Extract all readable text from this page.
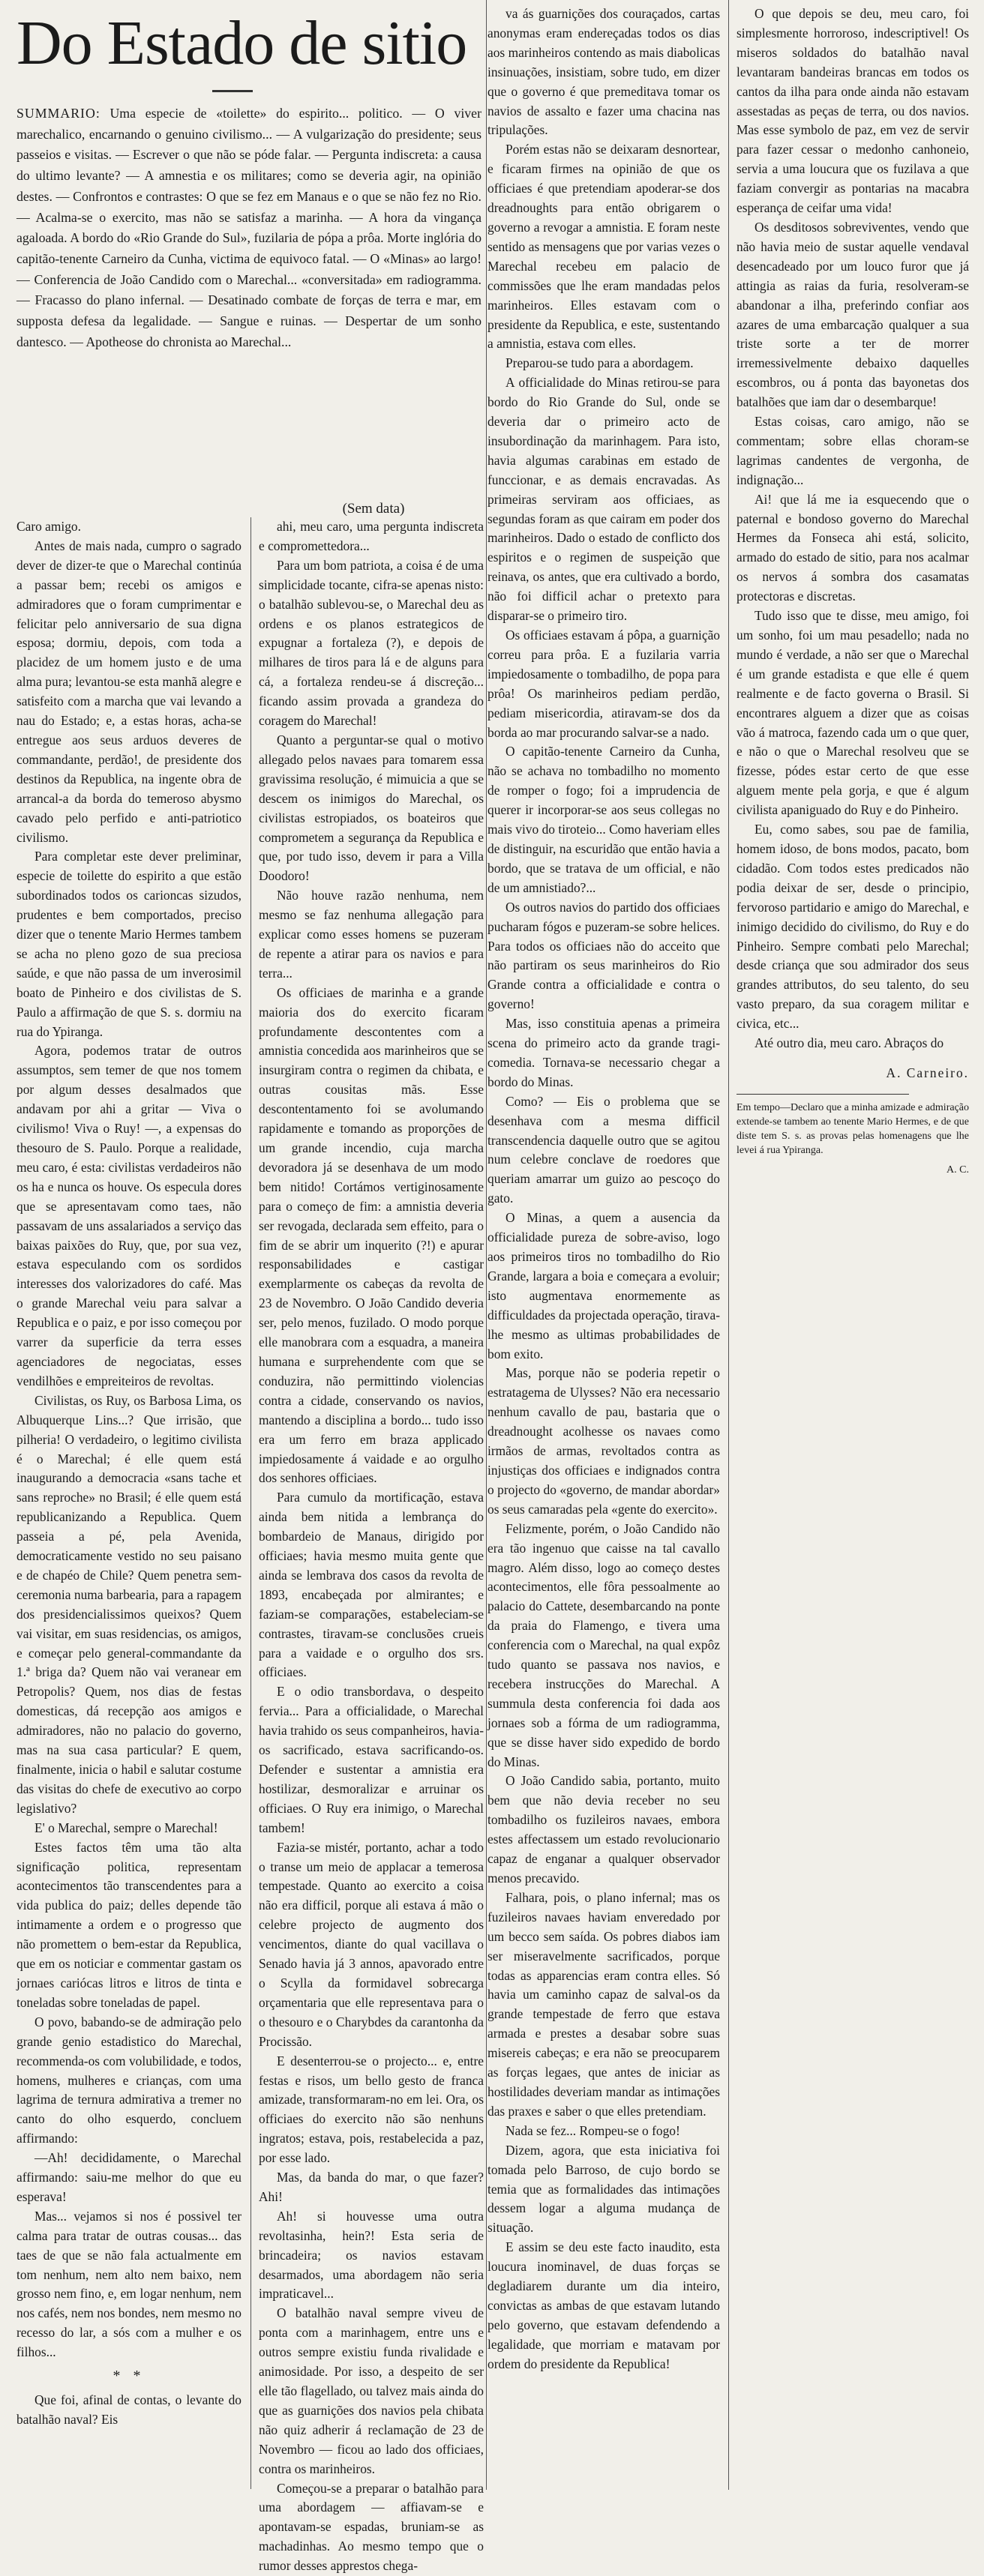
Do Estado de sitio
SUMMARIO: Uma especie de «toilette» do espirito... politico. — O viver marechalico, encarnando o genuino civilismo... — A vulgarização do presidente; seus passeios e visitas. — Escrever o que não se póde falar. — Pergunta indiscreta: a causa do ultimo levante? — A amnestia e os militares; como se deveria agir, na opinião destes. — Confrontos e contrastes: O que se fez em Manaus e o que se não fez no Rio. — Acalma-se o exercito, mas não se satisfaz a marinha. — A hora da vingança agaloada. A bordo do «Rio Grande do Sul», fuzilaria de pópa a prôa. Morte inglória do capitão-tenente Carneiro da Cunha, victima de equivoco fatal. — O «Minas» ao largo! — Conferencia de João Candido com o Marechal... «conversitada» em radiogramma. — Fracasso do plano infernal. — Desatinado combate de forças de terra e mar, em supposta defesa da legalidade. — Sangue e ruinas. — Despertar de um sonho dantesco. — Apotheose do chronista ao Marechal...
(Sem data)

Caro amigo.

Antes de mais nada, cumpro o sagrado dever de dizer-te que o Marechal continúa a passar bem; recebi os amigos e admiradores que o foram cumprimentar e felicitar pelo anniversario de sua digna esposa; dormiu, depois, com toda a placidez de um homem justo e de uma alma pura; levantou-se esta manhã alegre e satisfeito com a marcha que vai levando a nau do Estado; e, a estas horas, acha-se entregue aos seus arduos deveres de commandante, perdão!, de presidente dos destinos da Republica, na ingente obra de arrancal-a da borda do temeroso abysmo cavado pelo perfido e anti-patriotico civilismo.

Para completar este dever preliminar, especie de toilette do espirito a que estão subordinados todos os carioncas sizudos, prudentes e bem comportados, preciso dizer que o tenente Mario Hermes tambem se acha no pleno gozo de sua preciosa saúde, e que não passa de um inverosimil boato de Pinheiro e dos civilistas de S. Paulo a affirmação de que S. s. dormiu na rua do Ypiranga.

Agora, podemos tratar de outros assumptos, sem temer de que nos tomem por algum desses desalmados que andavam por ahi a gritar — Viva o civilismo! Viva o Ruy! —, a expensas do thesouro de S. Paulo. Porque a realidade, meu caro, é esta: civilistas verdadeiros não os ha e nunca os houve. Os especula dores que se apresentavam como taes, não passavam de uns assalariados a serviço das baixas paixões do Ruy, que, por sua vez, estava especulando com os sordidos interesses dos valorizadores do café. Mas o grande Marechal veiu para salvar a Republica e o paiz, e por isso começou por varrer da superficie da terra esses agenciadores de negociatas, esses vendilhões e empreiteiros de revoltas.

Civilistas, os Ruy, os Barbosa Lima, os Albuquerque Lins...? Que irrisão, que pilheria! O verdadeiro, o legitimo civilista é o Marechal; é elle quem está inaugurando a democracia «sans tache et sans reproche» no Brasil; é elle quem está republicanizando a Republica. Quem passeia a pé, pela Avenida, democraticamente vestido no seu paisano e de chapéo de Chile? Quem penetra sem-ceremonia numa barbearia, para a rapagem dos presidencialissimos queixos? Quem vai visitar, em suas residencias, os amigos, e começar pelo general-commandante da 1.ª briga da? Quem não vai veranear em Petropolis? Quem, nos dias de festas domesticas, dá recepção aos amigos e admiradores, não no palacio do governo, mas na sua casa particular? E quem, finalmente, inicia o habil e salutar costume das visitas do chefe de executivo ao corpo legislativo?

E' o Marechal, sempre o Marechal!

Estes factos têm uma tão alta significação politica, representam acontecimentos tão transcendentes para a vida publica do paiz; delles depende tão intimamente a ordem e o progresso que não promettem o bem-estar da Republica, que em os noticiar e commentar gastam os jornaes cariócas litros e litros de tinta e toneladas sobre toneladas de papel.

O povo, babando-se de admiração pelo grande genio estadistico do Marechal, recommenda-os com volubilidade, e todos, homens, mulheres e crianças, com uma lagrima de ternura admirativa a tremer no canto do olho esquerdo, concluem affirmando:

—Ah! decididamente, o Marechal affirmando: saiu-me melhor do que eu esperava!

Mas... vejamos si nos é possivel ter calma para tratar de outras cousas... das taes de que se não fala actualmente em tom nenhum, nem alto nem baixo, nem grosso nem fino, e, em logar nenhum, nem nos cafés, nem nos bondes, nem mesmo no recesso do lar, a sós com a mulher e os filhos...

* *

Que foi, afinal de contas, o levante do batalhão naval? Eis

ahi, meu caro, uma pergunta indiscreta e compromettedora...

Para um bom patriota, a coisa é de uma simplicidade tocante, cifra-se apenas nisto: o batalhão sublevou-se, o Marechal deu as ordens e os planos estrategicos de expugnar a fortaleza (?), e depois de milhares de tiros para lá e de alguns para cá, a fortaleza rendeu-se á discreção... ficando assim provada a grandeza do coragem do Marechal!

Quanto a perguntar-se qual o motivo allegado pelos navaes para tomarem essa gravissima resolução, é mimuicia a que se descem os inimigos do Marechal, os civilistas estropiados, os boateiros que comprometem a segurança da Republica e que, por tudo isso, devem ir para a Villa Doodoro!

Não houve razão nenhuma, nem mesmo se faz nenhuma allegação para explicar como esses homens se puzeram de repente a atirar para os navios e para terra...

Os officiaes de marinha e a grande maioria dos do exercito ficaram profundamente descontentes com a amnistia concedida aos marinheiros que se insurgiram contra o regimen da chibata, e outras cousitas mãs. Esse descontentamento foi se avolumando rapidamente e tomando as proporções de um grande incendio, cuja marcha devoradora já se desenhava de um modo bem nitido! Cortámos vertiginosamente para o começo de fim: a amnistia deveria ser revogada, declarada sem effeito, para o fim de se abrir um inquerito (?!) e apurar responsabilidades e castigar exemplarmente os cabeças da revolta de 23 de Novembro. O João Candido deveria ser, pelo menos, fuzilado. O modo porque elle manobrara com a esquadra, a maneira humana e surprehendente com que se conduzira, não permittindo violencias contra a cidade, conservando os navios, mantendo a disciplina a bordo... tudo isso era um ferro em braza applicado impiedosamente á vaidade e ao orgulho dos senhores officiaes.

Para cumulo da mortificação, estava ainda bem nitida a lembrança do bombardeio de Manaus, dirigido por officiaes; havia mesmo muita gente que ainda se lembrava dos casos da revolta de 1893, encabeçada por almirantes; e faziam-se comparações, estabeleciam-se contrastes, tiravam-se conclusões crueis para a vaidade e o orgulho dos srs. officiaes.

E o odio transbordava, o despeito fervia... Para a officialidade, o Marechal havia trahido os seus companheiros, havia-os sacrificado, estava sacrificando-os. Defender e sustentar a amnistia era hostilizar, desmoralizar e arruinar os officiaes. O Ruy era inimigo, o Marechal tambem!

Fazia-se mistér, portanto, achar a todo o transe um meio de applacar a temerosa tempestade. Quanto ao exercito a coisa não era difficil, porque ali estava á mão o celebre projecto de augmento dos vencimentos, diante do qual vacillava o Senado havia já 3 annos, apavorado entre o Scylla da formidavel sobrecarga orçamentaria que elle representava para o o thesouro e o Charybdes da carantonha da Procissão.

E desenterrou-se o projecto... e, entre festas e risos, um bello gesto de franca amizade, transformaram-no em lei. Ora, os officiaes do exercito não são nenhuns ingratos; estava, pois, restabelecida a paz, por esse lado.

Mas, da banda do mar, o que fazer? Ahi!

Ah! si houvesse uma outra revoltasinha, hein?! Esta seria de brincadeira; os navios estavam desarmados, uma abordagem não seria impraticavel...

O batalhão naval sempre viveu de ponta com a marinhagem, entre uns e outros sempre existiu funda rivalidade e animosidade. Por isso, a despeito de ser elle tão flagellado, ou talvez mais ainda do que as guarnições dos navios pela chibata não quiz adherir á reclamação de 23 de Novembro — ficou ao lado dos officiaes, contra os marinheiros.

Começou-se a preparar o batalhão para uma abordagem — affiavam-se e apontavam-se espadas, bruniam-se as machadinhas. Ao mesmo tempo que o rumor desses apprestos chega-

va ás guarnições dos couraçados, cartas anonymas eram endereçadas todos os dias aos marinheiros contendo as mais diabolicas insinuações, insistiam, sobre tudo, em dizer que o governo é que premeditava tomar os navios de assalto e fazer uma chacina nas tripulações.

Porém estas não se deixaram desnortear, e ficaram firmes na opinião de que os officiaes é que pretendiam apoderar-se dos dreadnoughts para então obrigarem o governo a revogar a amnistia. E foram neste sentido as mensagens que por varias vezes o Marechal recebeu em palacio de commissões que lhe eram mandadas pelos marinheiros. Elles estavam com o presidente da Republica, e este, sustentando a amnistia, estava com elles.

Preparou-se tudo para a abordagem.

A officialidade do Minas retirou-se para bordo do Rio Grande do Sul, onde se deveria dar o primeiro acto de insubordinação da marinhagem. Para isto, havia algumas carabinas em estado de funccionar, e as demais encravadas. As primeiras serviram aos officiaes, as segundas foram as que cairam em poder dos marinheiros. Dado o estado de conflicto dos espiritos e o regimen de suspeição que reinava, os antes, que era cultivado a bordo, não foi difficil achar o pretexto para disparar-se o primeiro tiro.

Os officiaes estavam á pôpa, a guarnição correu para prôa. E a fuzilaria varria impiedosamente o tombadilho, de popa para prôa! Os marinheiros pediam perdão, pediam misericordia, atiravam-se dos da borda ao mar procurando salvar-se a nado.

O capitão-tenente Carneiro da Cunha, não se achava no tombadilho no momento de romper o fogo; foi a imprudencia de querer ir incorporar-se aos seus collegas no mais vivo do tiroteio... Como haveriam elles de distinguir, na escuridão que então havia a bordo, que se tratava de um official, e não de um amnistiado?...

Os outros navios do partido dos officiaes pucharam fógos e puzeram-se sobre helices. Para todos os officiaes não do acceito que não partiram os seus marinheiros do Rio Grande contra a officialidade e contra o governo!

Mas, isso constituia apenas a primeira scena do primeiro acto da grande tragi-comedia. Tornava-se necessario chegar a bordo do Minas.

Como? — Eis o problema que se desenhava com a mesma difficil transcendencia daquelle outro que se agitou num celebre conclave de roedores que queriam amarrar um guizo ao pescoço do gato.

O Minas, a quem a ausencia da officialidade pureza de sobre-aviso, logo aos primeiros tiros no tombadilho do Rio Grande, largara a boia e começara a evoluir; isto augmentava enormemente as difficuldades da projectada operação, tirava-lhe mesmo as ultimas probabilidades de bom exito.

Mas, porque não se poderia repetir o estratagema de Ulysses? Não era necessario nenhum cavallo de pau, bastaria que o dreadnought acolhesse os navaes como irmãos de armas, revoltados contra as injustiças dos officiaes e indignados contra o projecto do «governo, de mandar abordar» os seus camaradas pela «gente do exercito».

Felizmente, porém, o João Candido não era tão ingenuo que caisse na tal cavallo magro. Além disso, logo ao começo destes acontecimentos, elle fôra pessoalmente ao palacio do Cattete, desembarcando na ponte da praia do Flamengo, e tivera uma conferencia com o Marechal, na qual expôz tudo quanto se passava nos navios, e recebera instrucções do Marechal. A summula desta conferencia foi dada aos jornaes sob a fórma de um radiogramma, que se disse haver sido expedido de bordo do Minas.

O João Candido sabia, portanto, muito bem que não devia receber no seu tombadilho os fuzileiros navaes, embora estes affectassem um estado revolucionario capaz de enganar a qualquer observador menos precavido.

Falhara, pois, o plano infernal; mas os fuzileiros navaes haviam enveredado por um becco sem saída. Os pobres diabos iam ser miseravelmente sacrificados, porque todas as apparencias eram contra elles. Só havia um caminho capaz de salval-os da grande tempestade de ferro que estava armada e prestes a desabar sobre suas misereis cabeças; e era não se preocuparem as forças legaes, que antes de iniciar as hostilidades deveriam mandar as intimações das praxes e saber o que elles pretendiam.

Nada se fez... Rompeu-se o fogo!

Dizem, agora, que esta iniciativa foi tomada pelo Barroso, de cujo bordo se temia que as formalidades das intimações dessem logar a alguma mudança de situação.

E assim se deu este facto inaudito, esta loucura inominavel, de duas forças se degladiarem durante um dia inteiro, convictas as ambas de que estavam lutando pelo governo, que estavam defendendo a legalidade, que morriam e matavam por ordem do presidente da Republica!

O que depois se deu, meu caro, foi simplesmente horroroso, indescriptivel! Os miseros soldados do batalhão naval levantaram bandeiras brancas em todos os cantos da ilha para onde ainda não estavam assestadas as peças de terra, ou dos navios. Mas esse symbolo de paz, em vez de servir para fazer cessar o medonho canhoneio, servia a uma loucura que os fuzilava a que faziam convergir as pontarias na macabra esperança de ceifar uma vida!

Os desditosos sobreviventes, vendo que não havia meio de sustar aquelle vendaval desencadeado por um louco furor que já attingia as raias da furia, resolveram-se abandonar a ilha, preferindo confiar aos azares de uma embarcação qualquer a sua triste sorte a ter de morrer irremessivelmente debaixo daquelles escombros, ou á ponta das bayonetas dos batalhões que iam dar o desembarque!

Estas coisas, caro amigo, não se commentam; sobre ellas choram-se lagrimas candentes de vergonha, de indignação...

Ai! que lá me ia esquecendo que o paternal e bondoso governo do Marechal Hermes da Fonseca ahi está, solicito, armado do estado de sitio, para nos acalmar os nervos á sombra dos casamatas protectoras e discretas.

Tudo isso que te disse, meu amigo, foi um sonho, foi um mau pesadello; nada no mundo é verdade, a não ser que o Marechal é um grande estadista e que elle é quem realmente e de facto governa o Brasil. Si encontrares alguem a dizer que as coisas vão á matroca, fazendo cada um o que quer, e não o que o Marechal resolveu que se fizesse, pódes estar certo de que esse alguem mente pela gorja, e que é algum civilista apaniguado do Ruy e do Pinheiro.

Eu, como sabes, sou pae de familia, homem idoso, de bons modos, pacato, bom cidadão. Com todos estes predicados não podia deixar de ser, desde o principio, fervoroso partidario e amigo do Marechal, e inimigo decidido do civilismo, do Ruy e do Pinheiro. Sempre combati pelo Marechal; desde criança que sou admirador dos seus grandes attributos, do seu talento, do seu vasto preparo, da sua coragem militar e civica, etc...

Até outro dia, meu caro. Abraços do

A. Carneiro.
Em tempo—Declaro que a minha amizade e admiração extende-se tambem ao tenente Mario Hermes, e de que diste tem S. s. as provas pelas homenagens que lhe levei á rua Ypiranga.
A. C.
